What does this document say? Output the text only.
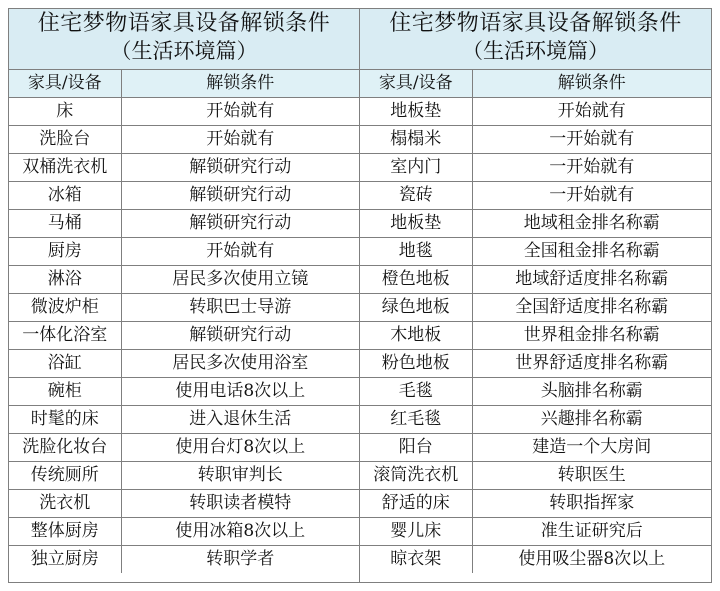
住宅梦物语家具设备解锁条件
（生活环境篇）
家具/设备	解锁条件
床	开始就有
洗脸台	开始就有
双桶洗衣机	解锁研究行动
冰箱	解锁研究行动
马桶	解锁研究行动
厨房	开始就有
淋浴	居民多次使用立镜
微波炉柜	转职巴士导游
一体化浴室	解锁研究行动
浴缸	居民多次使用浴室
碗柜	使用电话8次以上
时髦的床	进入退休生活
洗脸化妆台	使用台灯8次以上
传统厕所	转职审判长
洗衣机	转职读者模特
整体厨房	使用冰箱8次以上
独立厨房	转职学者
住宅梦物语家具设备解锁条件
（生活环境篇）
家具/设备	解锁条件
地板垫	开始就有
榻榻米	一开始就有
室内门	一开始就有
瓷砖	一开始就有
地板垫	地域租金排名称霸
地毯	全国租金排名称霸
橙色地板	地域舒适度排名称霸
绿色地板	全国舒适度排名称霸
木地板	世界租金排名称霸
粉色地板	世界舒适度排名称霸
毛毯	头脑排名称霸
红毛毯	兴趣排名称霸
阳台	建造一个大房间
滚筒洗衣机	转职医生
舒适的床	转职指挥家
婴儿床	准生证研究后
晾衣架	使用吸尘器8次以上
